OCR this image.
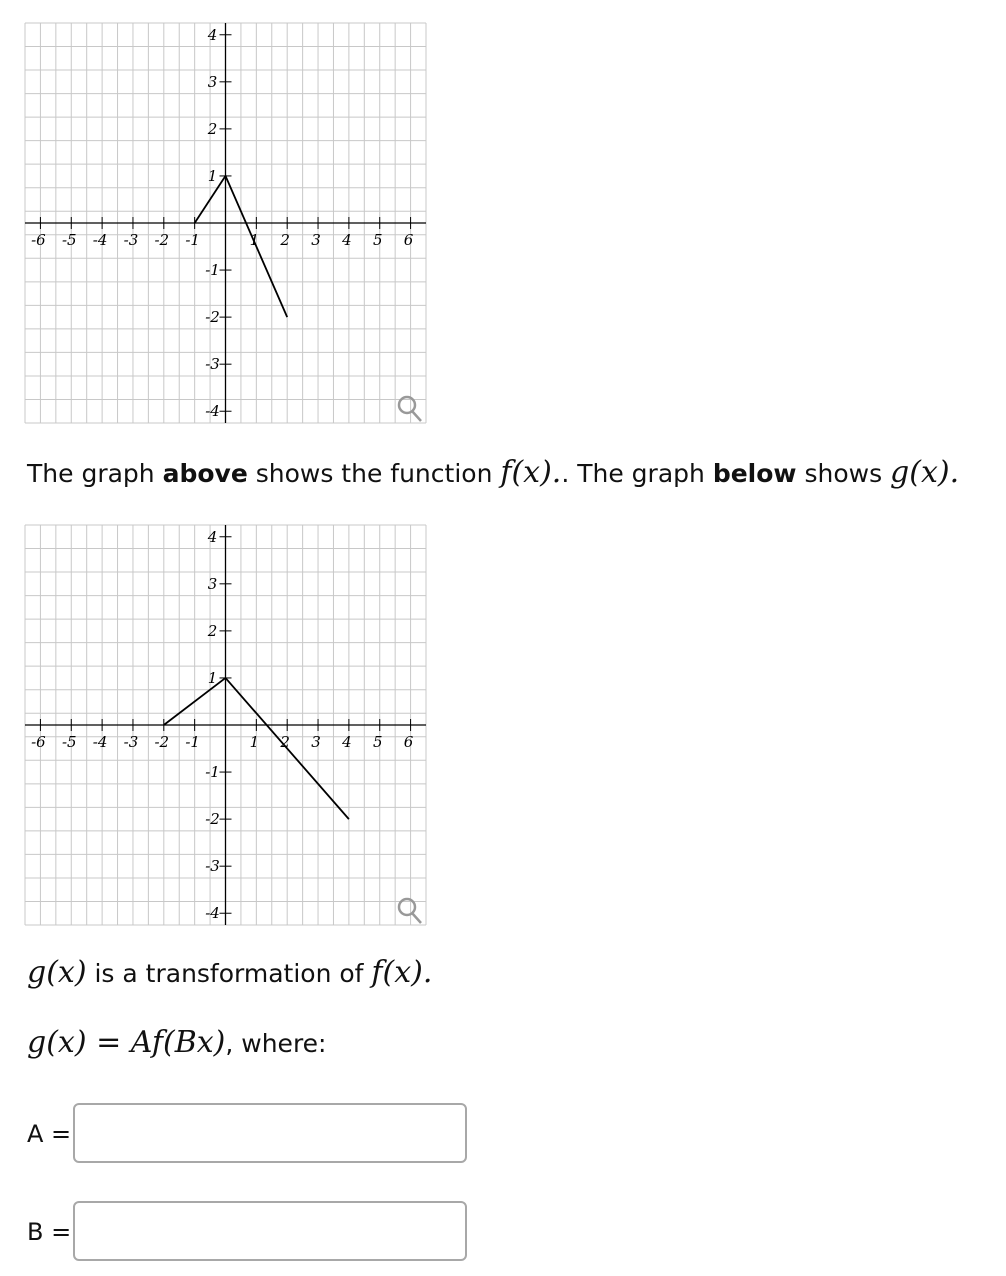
-6 -5 -4 -3 -2 -1	1 2 3 4 5 6
4
3
2
1
-1
-2
-3
-4
The graph above shows the function f(x).. The graph below shows g(x).
-6 -5 -4 -3 -2 -1	1 2 3 4 5 6
4
3
2
1
-1
-2
-3
-4
g(x) is a transformation of f(x).
g(x) = Af(Bx), where:
A =
B =
